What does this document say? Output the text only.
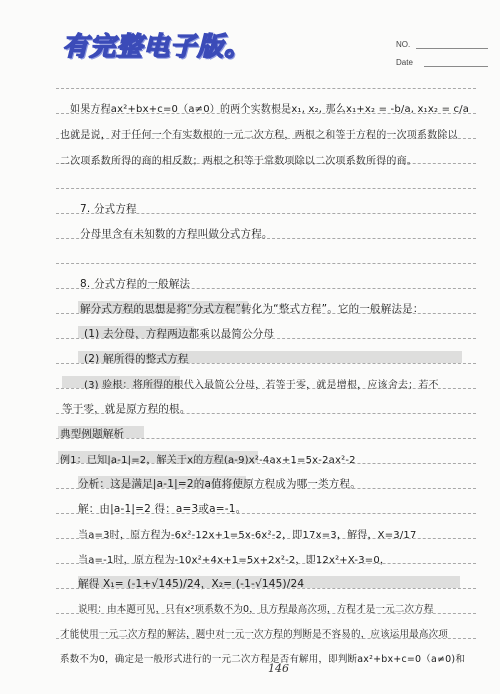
有完整电子版。	NO.
Date
如果方程ax²+bx+c=0（a≠0）的两个实数根是x₁, x₂, 那么x₁+x₂ = -b/a, x₁x₂ = c/a
也就是说，对于任何一个有实数根的一元二次方程，两根之和等于方程的一次项系数除以
二次项系数所得的商的相反数；两根之积等于常数项除以二次项系数所得的商。
7. 分式方程
分母里含有未知数的方程叫做分式方程。
8. 分式方程的一般解法
解分式方程的思想是将“分式方程”转化为“整式方程”。它的一般解法是：
(1) 去分母，方程两边都乘以最简公分母
(2) 解所得的整式方程
(3) 验根：将所得的根代入最简公分母，若等于零，就是增根，应该舍去；若不
等于零，就是原方程的根。
典型例题解析
例1：已知|a-1|=2，解关于x的方程(a-9)x²-4ax+1=5x-2ax²-2
分析：这是满足|a-1|=2的a值将使原方程成为哪一类方程。
解：由|a-1|=2 得：a=3或a=-1。
当a=3时，原方程为-6x²-12x+1=5x-6x²-2，即17x=3，解得，X=3/17
当a=-1时，原方程为-10x²+4x+1=5x+2x²-2，即12x²+X-3=0，
解得 X₁= (-1+√145)/24，X₂= (-1-√145)/24
说明：由本题可见，只有x²项系数不为0，且方程最高次项，方程才是一元二次方程
才能使用一元二次方程的解法，题中对一元一次方程的判断是不容易的，应该运用最高次项
系数不为0，确定是一般形式进行的一元二次方程是否有解用，即判断ax²+bx+c=0（a≠0)和
146
